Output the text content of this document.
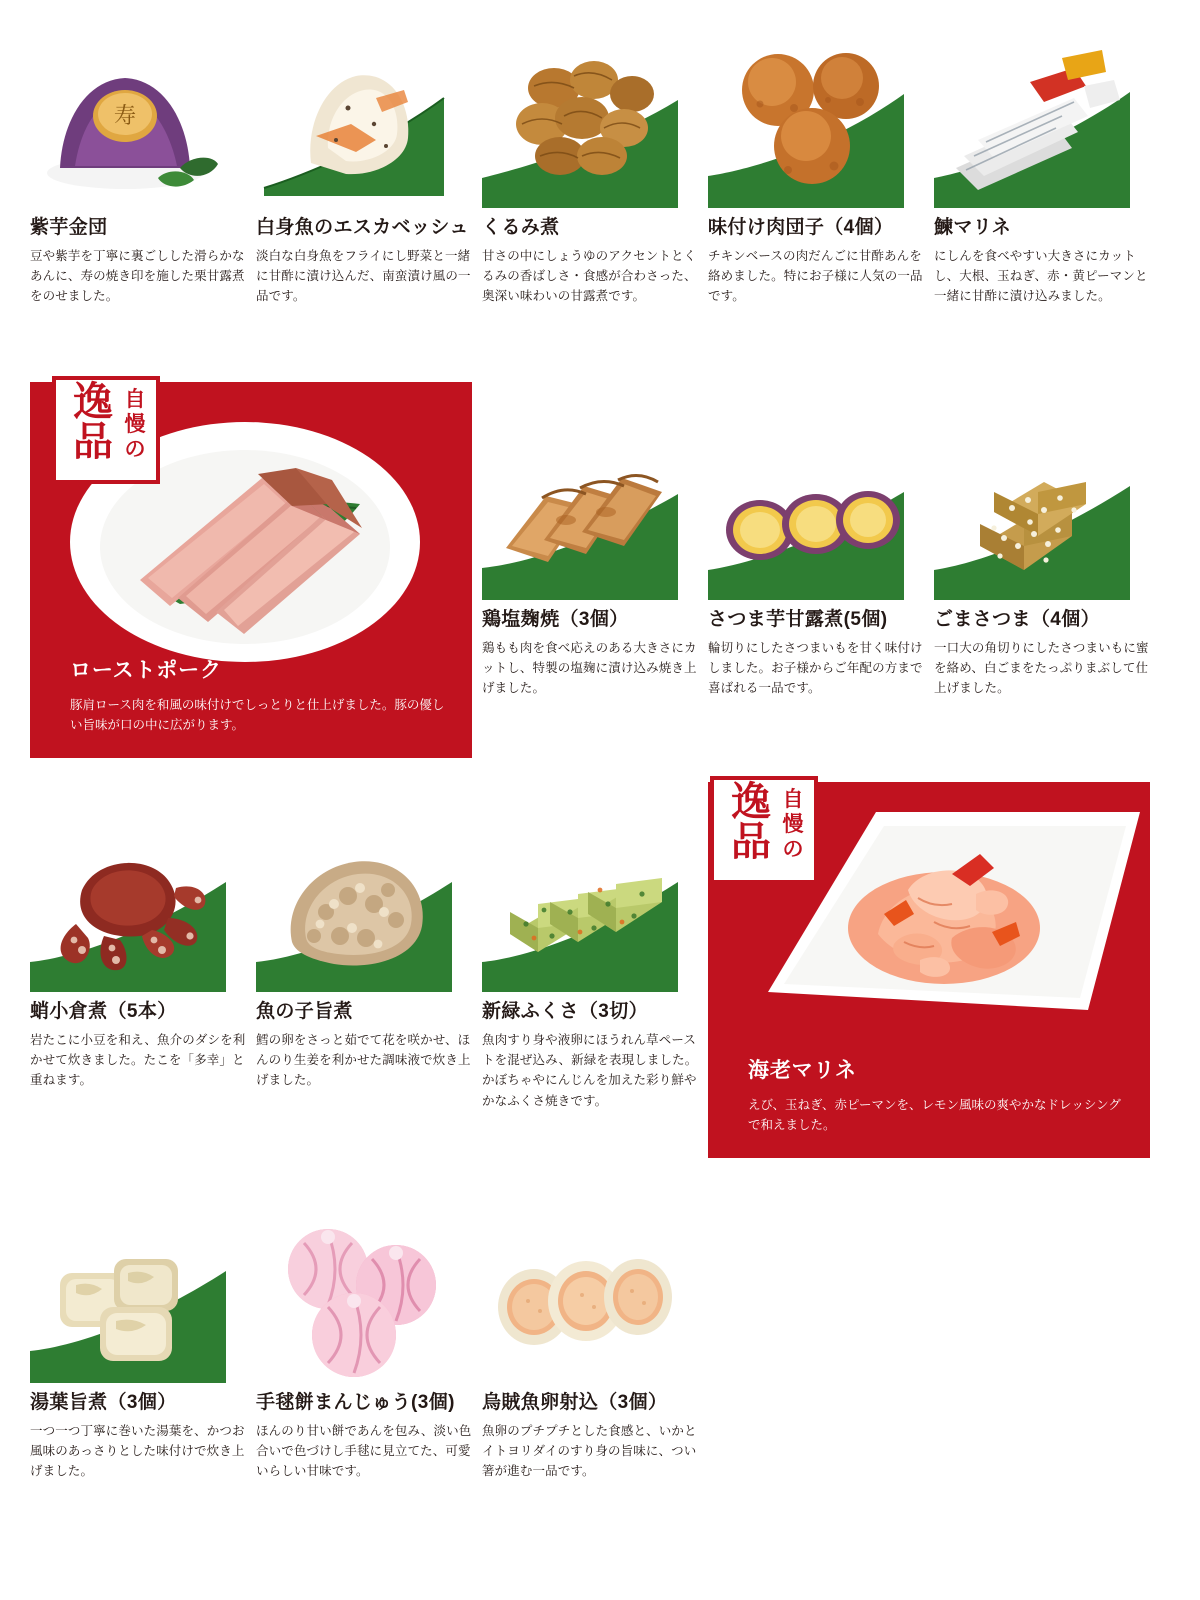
寿
紫芋金団
豆や紫芋を丁寧に裏ごしした滑らかなあんに、寿の焼き印を施した栗甘露煮をのせました。
白身魚のエスカベッシュ
淡白な白身魚をフライにし野菜と一緒に甘酢に漬け込んだ、南蛮漬け風の一品です。
くるみ煮
甘さの中にしょうゆのアクセントとくるみの香ばしさ・食感が合わさった、奥深い味わいの甘露煮です。
味付け肉団子（4個）
チキンベースの肉だんごに甘酢あんを絡めました。特にお子様に人気の一品です。
鰊マリネ
にしんを食べやすい大きさにカットし、大根、玉ねぎ、赤・黄ピーマンと一緒に甘酢に漬け込みました。
ローストポーク
豚肩ロース肉を和風の味付けでしっとりと仕上げました。豚の優しい旨味が口の中に広がります。
逸品
自慢の
鶏塩麹焼（3個）
鶏もも肉を食べ応えのある大きさにカットし、特製の塩麹に漬け込み焼き上げました。
さつま芋甘露煮(5個)
輪切りにしたさつまいもを甘く味付けしました。お子様からご年配の方まで喜ばれる一品です。
ごまさつま（4個）
一口大の角切りにしたさつまいもに蜜を絡め、白ごまをたっぷりまぶして仕上げました。
蛸小倉煮（5本）
岩たこに小豆を和え、魚介のダシを利かせて炊きました。たこを「多幸」と重ねます。
魚の子旨煮
鱈の卵をさっと茹でて花を咲かせ、ほんのり生姜を利かせた調味液で炊き上げました。
新緑ふくさ（3切）
魚肉すり身や液卵にほうれん草ペーストを混ぜ込み、新緑を表現しました。かぼちゃやにんじんを加えた彩り鮮やかなふくさ焼きです。
海老マリネ
えび、玉ねぎ、赤ピーマンを、レモン風味の爽やかなドレッシングで和えました。
逸品
自慢の
湯葉旨煮（3個）
一つ一つ丁寧に巻いた湯葉を、かつお風味のあっさりとした味付けで炊き上げました。
手毬餅まんじゅう(3個)
ほんのり甘い餅であんを包み、淡い色合いで色づけし手毬に見立てた、可愛いらしい甘味です。
烏賊魚卵射込（3個）
魚卵のプチプチとした食感と、いかとイトヨリダイのすり身の旨味に、つい箸が進む一品です。
